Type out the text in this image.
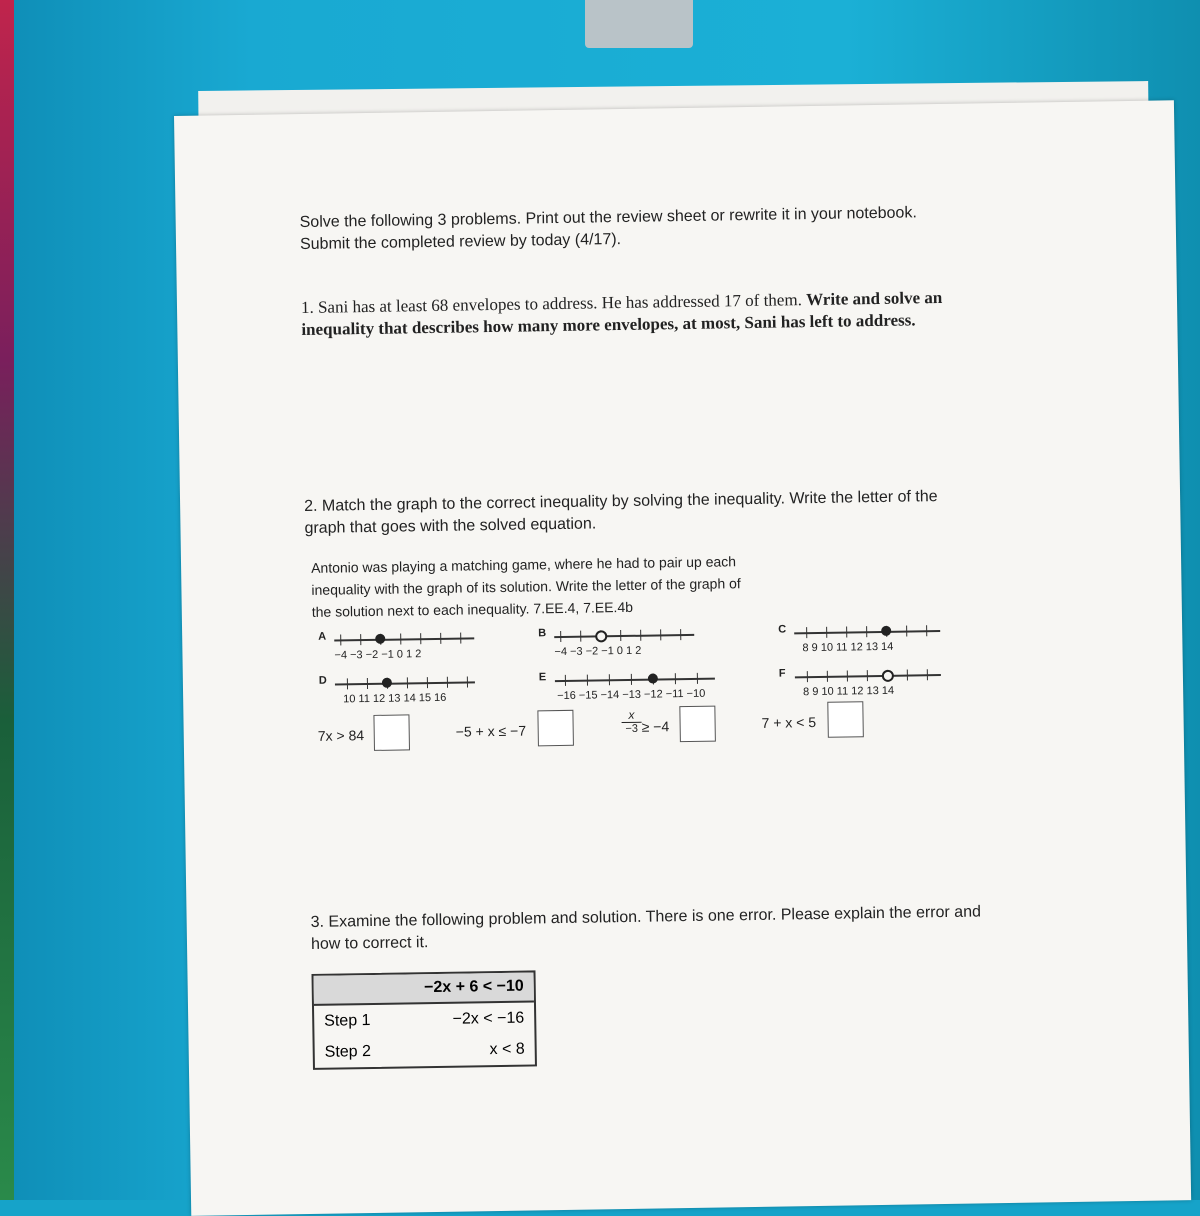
Solve the following 3 problems. Print out the review sheet or rewrite it in your notebook.
Submit the completed review by today (4/17).
1. Sani has at least 68 envelopes to address. He has addressed 17 of them. Write and solve an
inequality that describes how many more envelopes, at most, Sani has left to address.
2. Match the graph to the correct inequality by solving the inequality. Write the letter of the
graph that goes with the solved equation.
Antonio was playing a matching game, where he had to pair up each
inequality with the graph of its solution. Write the letter of the graph of
the solution next to each inequality. 7.EE.4, 7.EE.4b
A
−4 −3 −2 −1 0 1 2
B
−4 −3 −2 −1 0 1 2
C
8 9 10 11 12 13 14
D
10 11 12 13 14 15 16
E
−16 −15 −14 −13 −12 −11 −10
F
8 9 10 11 12 13 14
7x > 84	−5 + x ≤ −7	$\frac{x}{-3} \ge -4$	7 + x < 5
3. Examine the following problem and solution. There is one error. Please explain the error and
how to correct it.
−2x + 6 < −10
Step 1	−2x < −16
Step 2	x < 8
